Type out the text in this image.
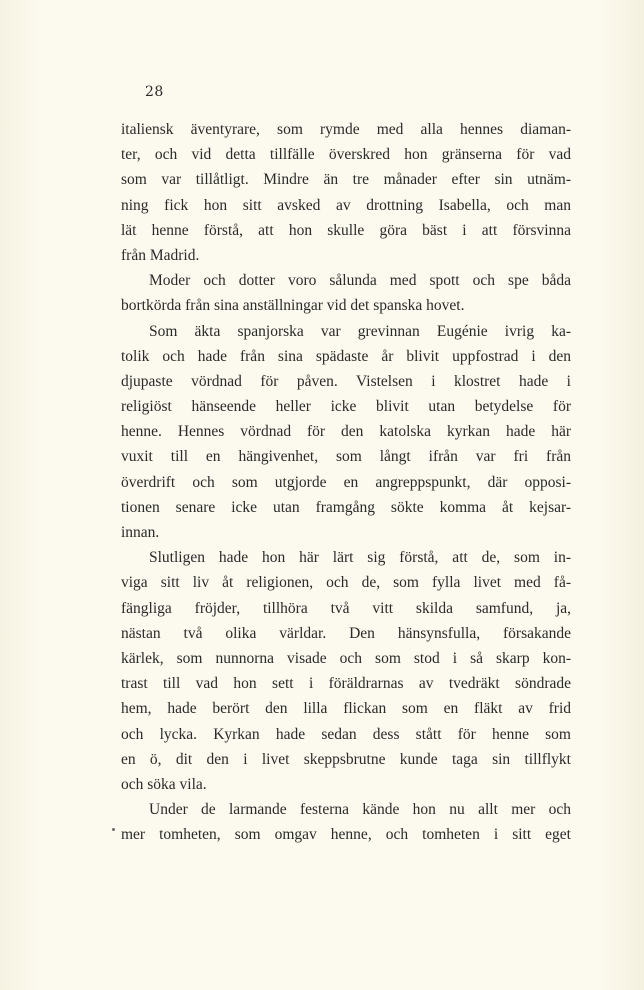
28
italiensk äventyrare, som rymde med alla hennes diaman-
ter, och vid detta tillfälle överskred hon gränserna för vad
som var tillåtligt. Mindre än tre månader efter sin utnäm-
ning fick hon sitt avsked av drottning Isabella, och man
lät henne förstå, att hon skulle göra bäst i att försvinna
från Madrid.
Moder och dotter voro sålunda med spott och spe båda
bortkörda från sina anställningar vid det spanska hovet.
Som äkta spanjorska var grevinnan Eugénie ivrig ka-
tolik och hade från sina spädaste år blivit uppfostrad i den
djupaste vördnad för påven. Vistelsen i klostret hade i
religiöst hänseende heller icke blivit utan betydelse för
henne. Hennes vördnad för den katolska kyrkan hade här
vuxit till en hängivenhet, som långt ifrån var fri från
överdrift och som utgjorde en angreppspunkt, där opposi-
tionen senare icke utan framgång sökte komma åt kejsar-
innan.
Slutligen hade hon här lärt sig förstå, att de, som in-
viga sitt liv åt religionen, och de, som fylla livet med få-
fängliga fröjder, tillhöra två vitt skilda samfund, ja,
nästan två olika världar. Den hänsynsfulla, försakande
kärlek, som nunnorna visade och som stod i så skarp kon-
trast till vad hon sett i föräldrarnas av tvedräkt söndrade
hem, hade berört den lilla flickan som en fläkt av frid
och lycka. Kyrkan hade sedan dess stått för henne som
en ö, dit den i livet skeppsbrutne kunde taga sin tillflykt
och söka vila.
Under de larmande festerna kände hon nu allt mer och
mer tomheten, som omgav henne, och tomheten i sitt eget
